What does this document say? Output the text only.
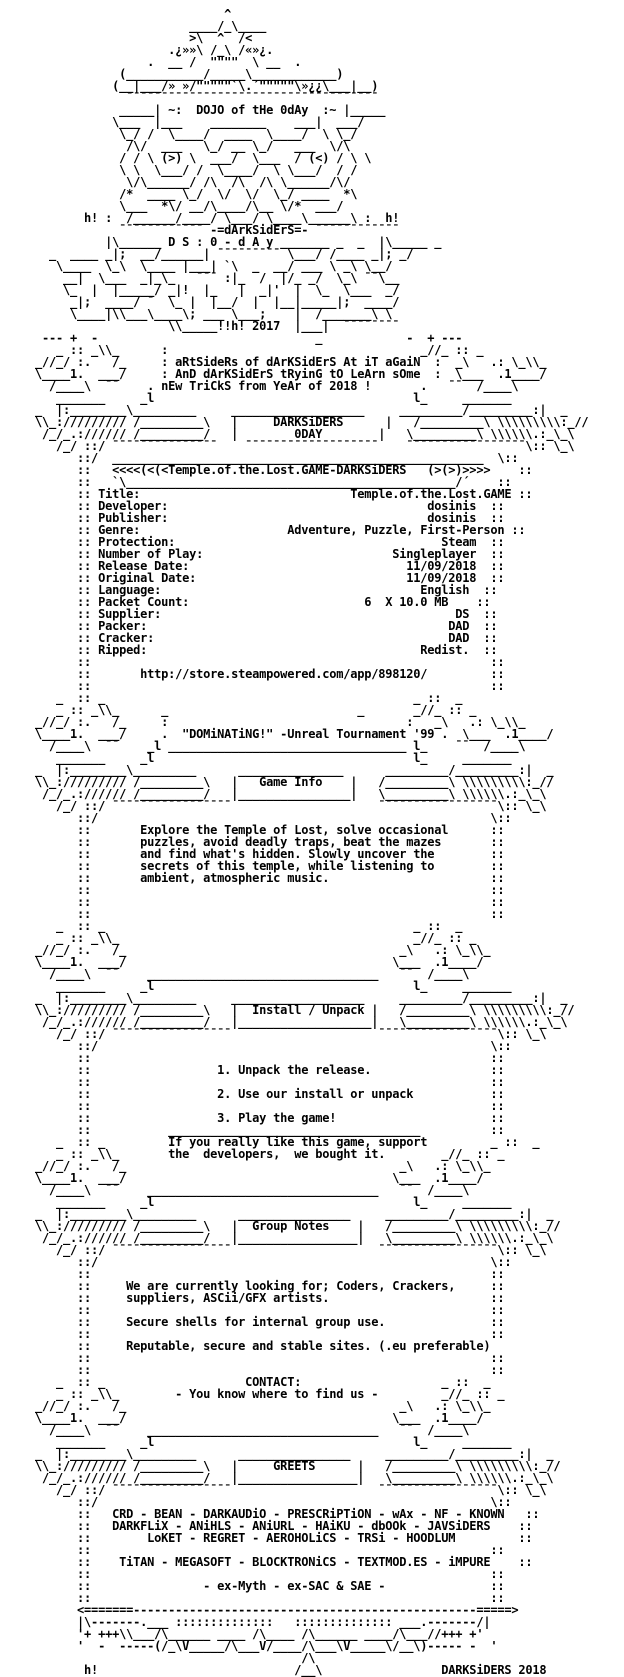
^
____/_\____
>\  ^  /<
.¿»»\ /_\ /«»¿.
.  __ /  """"  \ __  .
(___________/_____\____________)
(__|___/» »/"""""`\.´"""""\»¿¿\___|__)
¯¯¯¯¯¯¯¯¯¯¯¯¯¯¯¯¯¯¯¯¯¯¯¯¯¯¯¯¯¯¯¯¯¯¯¯
_____| ~:  DOJO of tHe 0dAy  :~ |_____
\___  |___    ________    ___|  ___/
\_/ /  \____/  ____  \____/  \ \_/
/\/  ___   \_/ __ \_/   ___  \/\
/ / \ (>) \  ___/  \___  / (<) / \ \
\ \  \___/ /  \____/  \ \___/  / /
\/\______/ /\  /\  /\ \______/\/
/*  ____ \_/  \/  \/  \_/ ____  *\
\___  *\/ __/\____/\__ \/*  ___/
h! :  /______/____/ \___/ \____\______\ :  h!
¯¯¯¯¯¯¯¯¯¯¯¯ -=dArkSidErS=- ¯¯¯¯¯¯¯¯¯¯¯¯
|\______ D S : 0 - d A y _______ _  _  |\_____ _
_  ____ _|;  __/______| ¯¯¯¯¯¯¯¯¯ \___/ /____ _|; _/
\____  \_\  \____ |___| `\  _  __/ ___ \ _\ \__/
__|  \___  _|_\_   ¯¯¯ :|_  /  |/_ _/  \_\ ¯¯\__
\_  |  |_____/ _|!  |_   |  _|'  |  \_  \___  _/
_|;  ____/ ¯  \_ |  |__/  |  |__|_____|;  ____/
\____|\\___\____\; ___ \___;    |  /_______\ \
\\_____!!h! 2017  |___|  ¯¯¯¯¯¯¯¯
--- +  -                               _            -  + ---
_ :: _\\_      :                                    _//_ :: _
_//_/ :.   /_     : aRtSideRs of dArKSidErS At iT aGaiN  :  _\   .: \_\\_
\____1.  ___/     : AnD dArKSidErS tRyinG tO LeArn sOme  :  \___  .1____/
/____\  ¯¯    . nEw TriCkS from YeAr of 2018 !       .   ¯¯  /____\
_______     _l                                     l_     _______
_  |:________\_________     ___________________     _________/_________:|  _
\\_:///////// /_________\   |     DARKSiDERS      |   /_________\ \\\\\\\\\:_//
/_/_.:////// /_________/   |        0DAY        |   \_________\ \\\\\\.:_\_\
/_/ ::/ ¯¯¯¯¯¯¯¯¯¯¯¯¯¯¯    ¯¯¯¯¯¯¯¯¯¯¯¯¯¯¯¯¯¯¯    ¯¯¯¯¯¯¯¯¯¯¯¯¯¯¯¯¯\:: \_\
::/  _____________________________________________________  \::
::   <<<<(<(<Temple.of.the.Lost.GAME-DARKSiDERS   (>(>)>>>>    ::
::   `\_______________________________________________/´    ::
:: Title:                              Temple.of.the.Lost.GAME ::
:: Developer:                                     dosinis  ::
:: Publisher:                                     dosinis  ::
:: Genre:                     Adventure, Puzzle, First-Person ::
:: Protection:                                      Steam  ::
:: Number of Play:                           Singleplayer  ::
:: Release Date:                               11/09/2018  ::
:: Original Date:                              11/09/2018  ::
:: Language:                                     English  ::
:: Packet Count:                         6  X 10.0 MB    ::
:: Supplier:                                          DS  ::
:: Packer:                                           DAD  ::
:: Cracker:                                          DAD  ::
:: Ripped:                                       Redist.  ::
::                                                         ::
::       http://store.steampowered.com/app/898120/         ::
::                                                         ::
_  :: _                                            _ ::  _
_ :: _\\_      _                           _       _//_ :: _
_//_/ :.   /_     :                                  :   _\   .: \_\\_
\____1.  ___/     .  "DOMiNATiNG!" -Unreal Tournament '99 .  \___  .1____/
/____\  ¯¯    _l __________________________________ l_    ¯¯  /____\
_______     _l                                     l_     _______
_  |:________\_________      _______________      _________/_________:|  _
\\_:///////// /_________\   |   Game Info    |   /_________\ \\\\\\\\\:_//
/_/_.:////// /_________/   |________________|   \_________\ \\\\\\.:_\_\
/_/ ::/ ¯¯¯¯¯¯¯¯¯¯¯¯¯¯¯¯¯                     ¯¯¯¯¯¯¯¯¯¯¯¯¯¯¯¯¯\:: \_\
::/                                                        \::
::       Explore the Temple of Lost, solve occasional      ::
::       puzzles, avoid deadly traps, beat the mazes       ::
::       and find what's hidden. Slowly uncover the        ::
::       secrets of this temple, while listening to        ::
::       ambient, atmospheric music.                       ::
::                                                         ::
::                                                         ::
::                                                         ::
_  :: _                                            _ ::  _
_ :: _\\_                                          _//_ :: _
_//_/ :.   /_                                       _\   .: \_\\_
\____1.  ___/                                      \___  .1____/
/____\  ¯¯    _________________________________   ¯¯  /____\
_______     _l                                     l_     _______
_  |:________\_________     ___________________     _________/_________:|  _
\\_:///////// /_________\   |  Install / Unpack |   /_________\ \\\\\\\\\:_//
/_/_.:////// /_________/   |___________________|   \_________\ \\\\\\.:_\_\
/_/ ::/ ¯¯¯¯¯¯¯¯¯¯¯¯¯¯¯¯¯                     ¯¯¯¯¯¯¯¯¯¯¯¯¯¯¯¯¯\:: \_\
::/                                                        \::
::                                                         ::
::                  1. Unpack the release.                 ::
::                                                         ::
::                  2. Use our install or unpack           ::
::                                                         ::
::                  3. Play the game!                      ::
::           ____________________________________          ::
_  :: _         If you really like this game, support         _ ::  _
_ :: _\\_       the  developers,  we bought it.        _//_ :: _
_//_/ :.   /_                                       _\   .: \_\\_
\____1.  ___/                                      \___  .1____/
/____\  ¯¯    _________________________________   ¯¯  /____\
_______     _l                                     l_     _______
_  |:________\_________      ________________     _________/_________:|  _
\\_:///////// /_________\   |  Group Notes    |   /_________\ \\\\\\\\\:_//
/_/_.:////// /_________/   |_________________|   \_________\ \\\\\\.:_\_\
/_/ ::/ ¯¯¯¯¯¯¯¯¯¯¯¯¯¯¯¯¯                     ¯¯¯¯¯¯¯¯¯¯¯¯¯¯¯¯¯\:: \_\
::/                                                        \::
::                                                         ::
::     We are currently looking for; Coders, Crackers,     ::
::     suppliers, ASCii/GFX artists.                       ::
::                                                         ::
::     Secure shells for internal group use.               ::
::                                                         ::
::     Reputable, secure and stable sites. (.eu preferable)
::                                                         ::
::                                                         ::
_  :: _                    CONTACT:                    _ ::  _
_ :: _\\_        - You know where to find us -         _//_ :: _
_//_/ :.   /_                                       _\   .: \_\\_
\____1.  ___/                                      \___  .1____/
/____\  ¯¯    _________________________________   ¯¯  /____\
_______     _l                                     l_     _______
_  |:________\_________      ________________     _________/_________:|  _
\\_:///////// /_________\   |     GREETS      |   /_________\ \\\\\\\\\:_//
/_/_.:////// /_________/   |_________________|   \_________\ \\\\\\.:_\_\
/_/ ::/ ¯¯¯¯¯¯¯¯¯¯¯¯¯¯¯¯¯                     ¯¯¯¯¯¯¯¯¯¯¯¯¯¯¯¯¯\:: \_\
::/                                                        \::
::   CRD - BEAN - DARKAUDiO - PRESCRiPTiON - wAx - NF - KNOWN   ::
::   DARKFLiX - ANiHLS - ANiURL - HAiKU - dbOOk - JAVSiDERS    ::
::        LoKET - REGRET - AEROHOLiCS - TRSi - HOODLUM         ::
::                                                         ::
::    TiTAN - MEGASOFT - BLOCKTRONiCS - TEXTMOD.ES - iMPURE    ::
::                                                         ::
::                - ex-Myth - ex-SAC & SAE -               ::
::                                                         ::
<=======-------------------------------------------------=====>
|\-------.___ ::::::::::::::   :::::::::::::: ___.-------/|
'+ +++\\___/\______ ____ /\____ /\______ ____/\___//+++ +'
'  -  -----(/_\V_____/\___V/____/\___\V_____\/__\)----- -  '
/\
h!                            /__\                 DARKSiDERS 2018
